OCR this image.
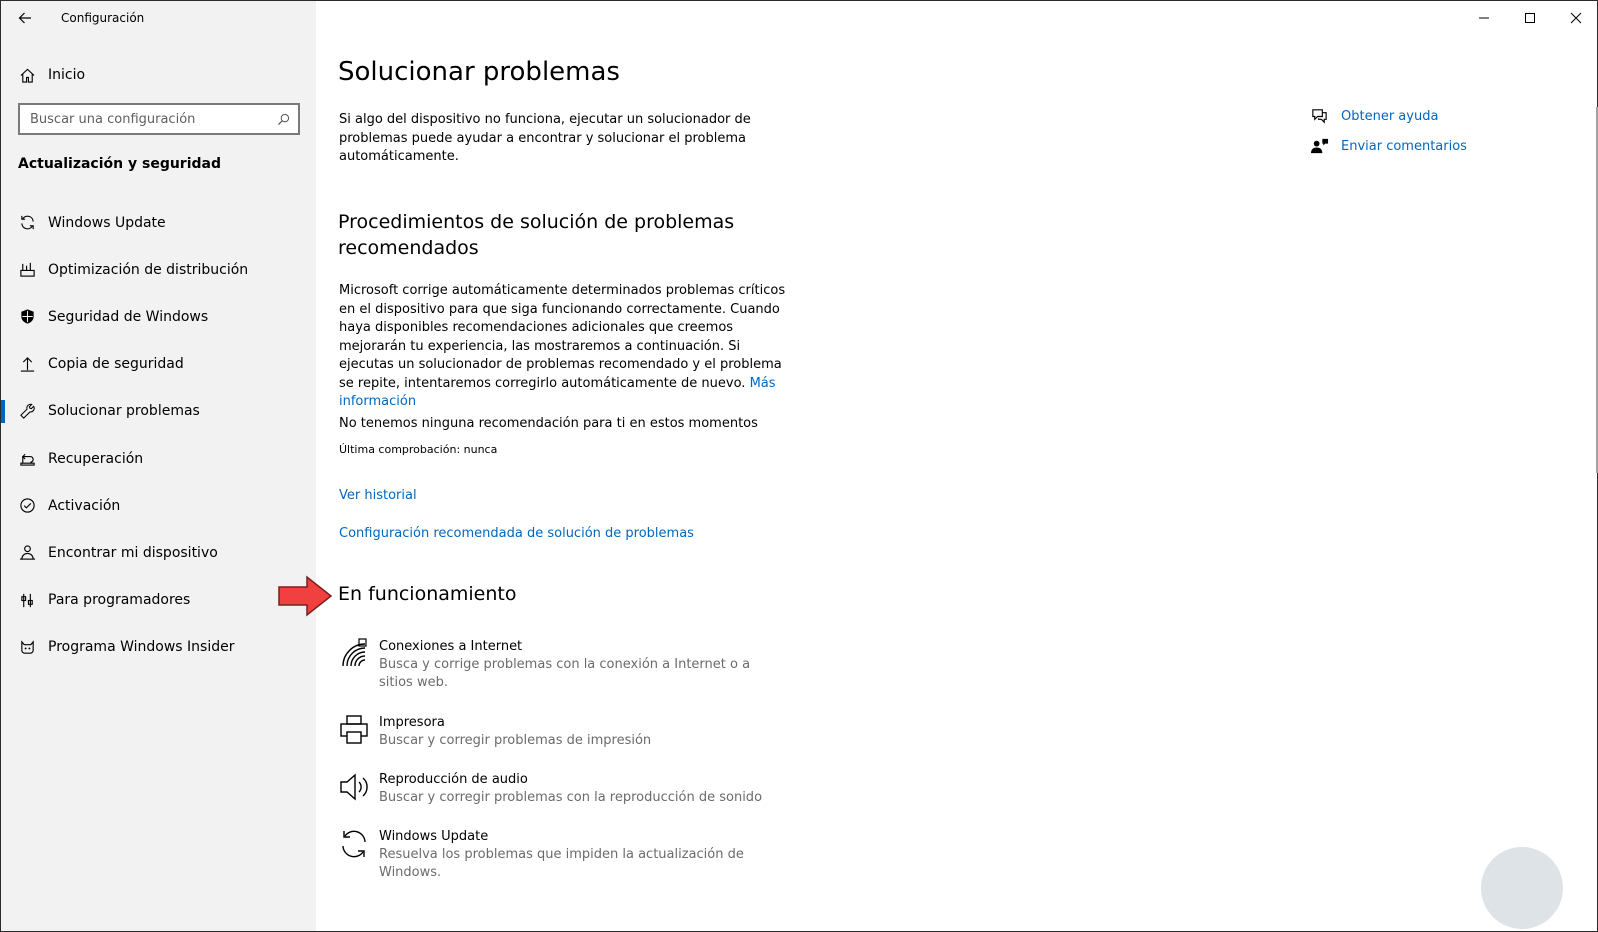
Configuración
Inicio
Buscar una configuración
Actualización y seguridad
Windows Update
Optimización de distribución
Seguridad de Windows
Copia de seguridad
Solucionar problemas
Recuperación
Activación
Encontrar mi dispositivo
Para programadores
Programa Windows Insider
Solucionar problemas

Si algo del dispositivo no funciona, ejecutar un solucionador de problemas puede ayudar a encontrar y solucionar el problema automáticamente.

Procedimientos de solución de problemas recomendados

Microsoft corrige automáticamente determinados problemas críticos en el dispositivo para que siga funcionando correctamente. Cuando haya disponibles recomendaciones adicionales que creemos mejorarán tu experiencia, las mostraremos a continuación. Si ejecutas un solucionador de problemas recomendado y el problema se repite, intentaremos corregirlo automáticamente de nuevo. Más información

No tenemos ninguna recomendación para ti en estos momentos
Última comprobación: nunca
Ver historial
Configuración recomendada de solución de problemas
En funcionamiento
Conexiones a Internet
Busca y corrige problemas con la conexión a Internet o a sitios web.
Impresora
Buscar y corregir problemas de impresión
Reproducción de audio
Buscar y corregir problemas con la reproducción de sonido
Windows Update
Resuelva los problemas que impiden la actualización de Windows.
Obtener ayuda
Enviar comentarios
